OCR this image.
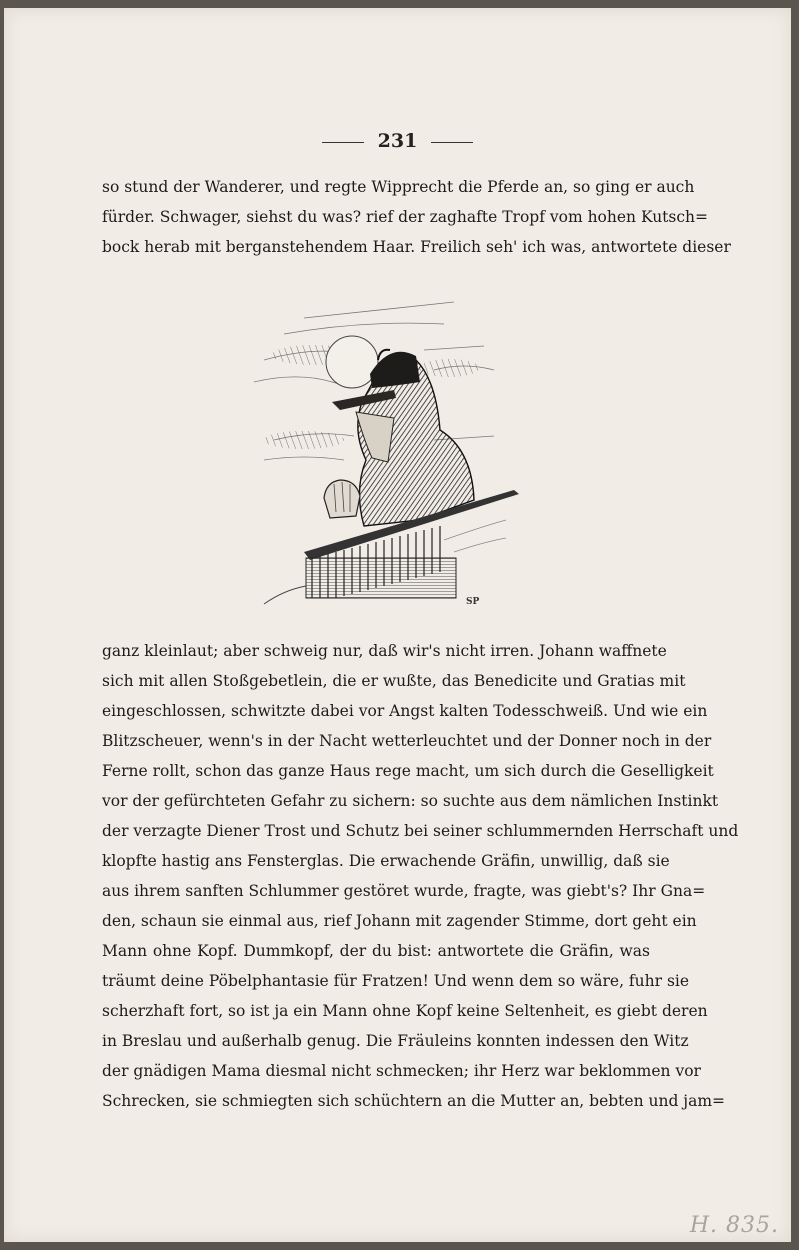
231
so stund der Wanderer, und regte Wipprecht die Pferde an, so ging er auch
fürder. Schwager, siehst du was? rief der zaghafte Tropf vom hohen Kutsch=
bock herab mit berganstehendem Haar. Freilich seh' ich was, antwortete dieser
SP
ganz kleinlaut; aber schweig nur, daß wir's nicht irren. Johann waffnete
sich mit allen Stoßgebetlein, die er wußte, das Benedicite und Gratias mit
eingeschlossen, schwitzte dabei vor Angst kalten Todesschweiß. Und wie ein
Blitzscheuer, wenn's in der Nacht wetterleuchtet und der Donner noch in der
Ferne rollt, schon das ganze Haus rege macht, um sich durch die Geselligkeit
vor der gefürchteten Gefahr zu sichern: so suchte aus dem nämlichen Instinkt
der verzagte Diener Trost und Schutz bei seiner schlummernden Herrschaft und
klopfte hastig ans Fensterglas. Die erwachende Gräfin, unwillig, daß sie
aus ihrem sanften Schlummer gestöret wurde, fragte, was giebt's? Ihr Gna=
den, schaun sie einmal aus, rief Johann mit zagender Stimme, dort geht ein
Mann ohne Kopf. Dummkopf, der du bist: antwortete die Gräfin, was
träumt deine Pöbelphantasie für Fratzen! Und wenn dem so wäre, fuhr sie
scherzhaft fort, so ist ja ein Mann ohne Kopf keine Seltenheit, es giebt deren
in Breslau und außerhalb genug. Die Fräuleins konnten indessen den Witz
der gnädigen Mama diesmal nicht schmecken; ihr Herz war beklommen vor
Schrecken, sie schmiegten sich schüchtern an die Mutter an, bebten und jam=
H. 835.
